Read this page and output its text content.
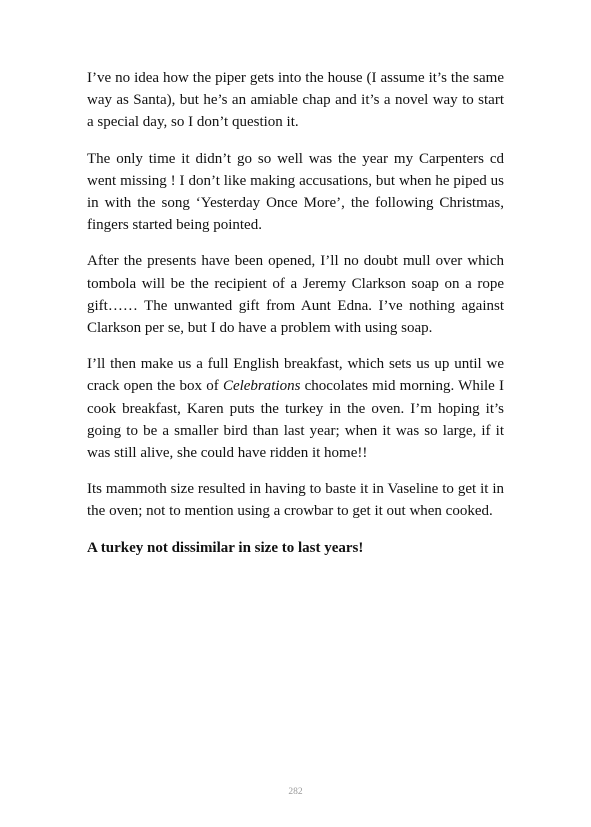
I’ve no idea how the piper gets into the house (I assume it’s the same way as Santa), but he’s an amiable chap and it’s a novel way to start a special day, so I don’t question it.

The only time it didn’t go so well was the year my Carpenters cd went missing ! I don’t like making accusations, but when he piped us in with the song ‘Yesterday Once More’, the following Christmas, fingers started being pointed.

After the presents have been opened, I’ll no doubt mull over which tombola will be the recipient of a Jeremy Clarkson soap on a rope gift…… The unwanted gift from Aunt Edna. I’ve nothing against Clarkson per se, but I do have a problem with using soap.

I’ll then make us a full English breakfast, which sets us up until we crack open the box of Celebrations chocolates mid morning. While I cook breakfast, Karen puts the turkey in the oven. I’m hoping it’s going to be a smaller bird than last year; when it was so large, if it was still alive, she could have ridden it home!!

Its mammoth size resulted in having to baste it in Vaseline to get it in the oven; not to mention using a crowbar to get it out when cooked.

A turkey not dissimilar in size to last years!

282
